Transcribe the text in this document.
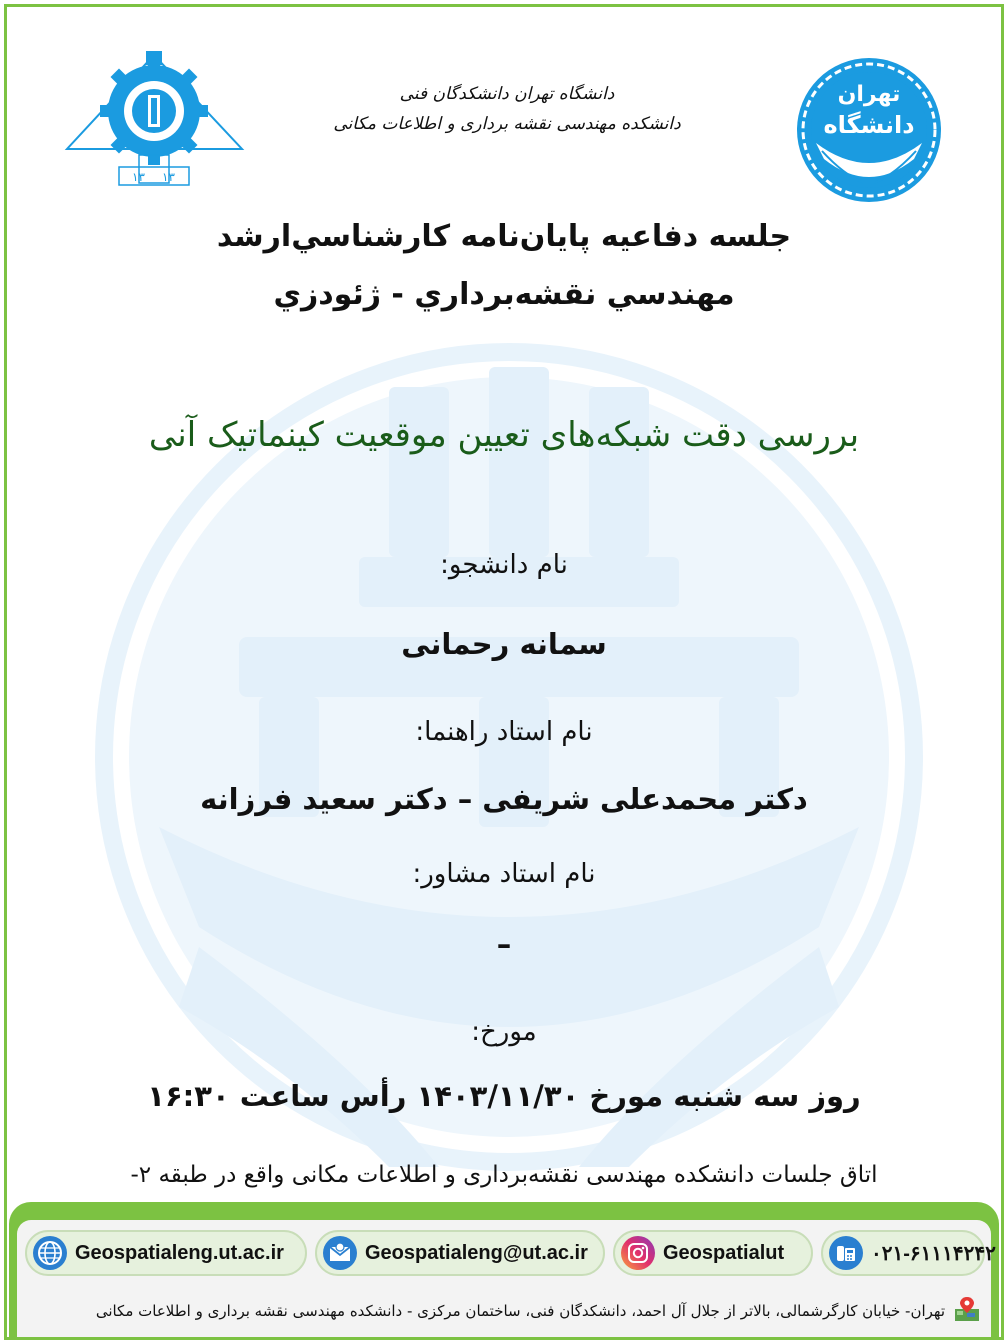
۱۳ ۱۳
تهران
دانشگاه
دانشگاه تهران دانشکدگان فنی
دانشکده مهندسی نقشه برداری و اطلاعات مکانی
جلسه دفاعيه پايان‌نامه كارشناسي‌ارشد
مهندسي نقشه‌برداري - ژئودزي
بررسی دقت شبکه‌های تعیین موقعیت کینماتیک آنی
نام دانشجو:
سمانه رحمانی
نام استاد راهنما:
دکتر محمدعلی شریفی – دکتر سعید فرزانه
نام استاد مشاور:
–
مورخ:
روز سه شنبه مورخ ۱۴۰۳/۱۱/۳۰ رأس ساعت ۱۶:۳۰
اتاق جلسات دانشکده مهندسی نقشه‌برداری و اطلاعات مکانی واقع در طبقه ۲-
Geospatialeng.ut.ac.ir	Geospatialeng@ut.ac.ir	Geospatialut	۰۲۱-۶۱۱۱۴۲۴۲
تهران- خیابان کارگرشمالی، بالاتر از جلال آل احمد، دانشکدگان فنی، ساختمان مرکزی - دانشکده مهندسی نقشه برداری و اطلاعات مکانی
